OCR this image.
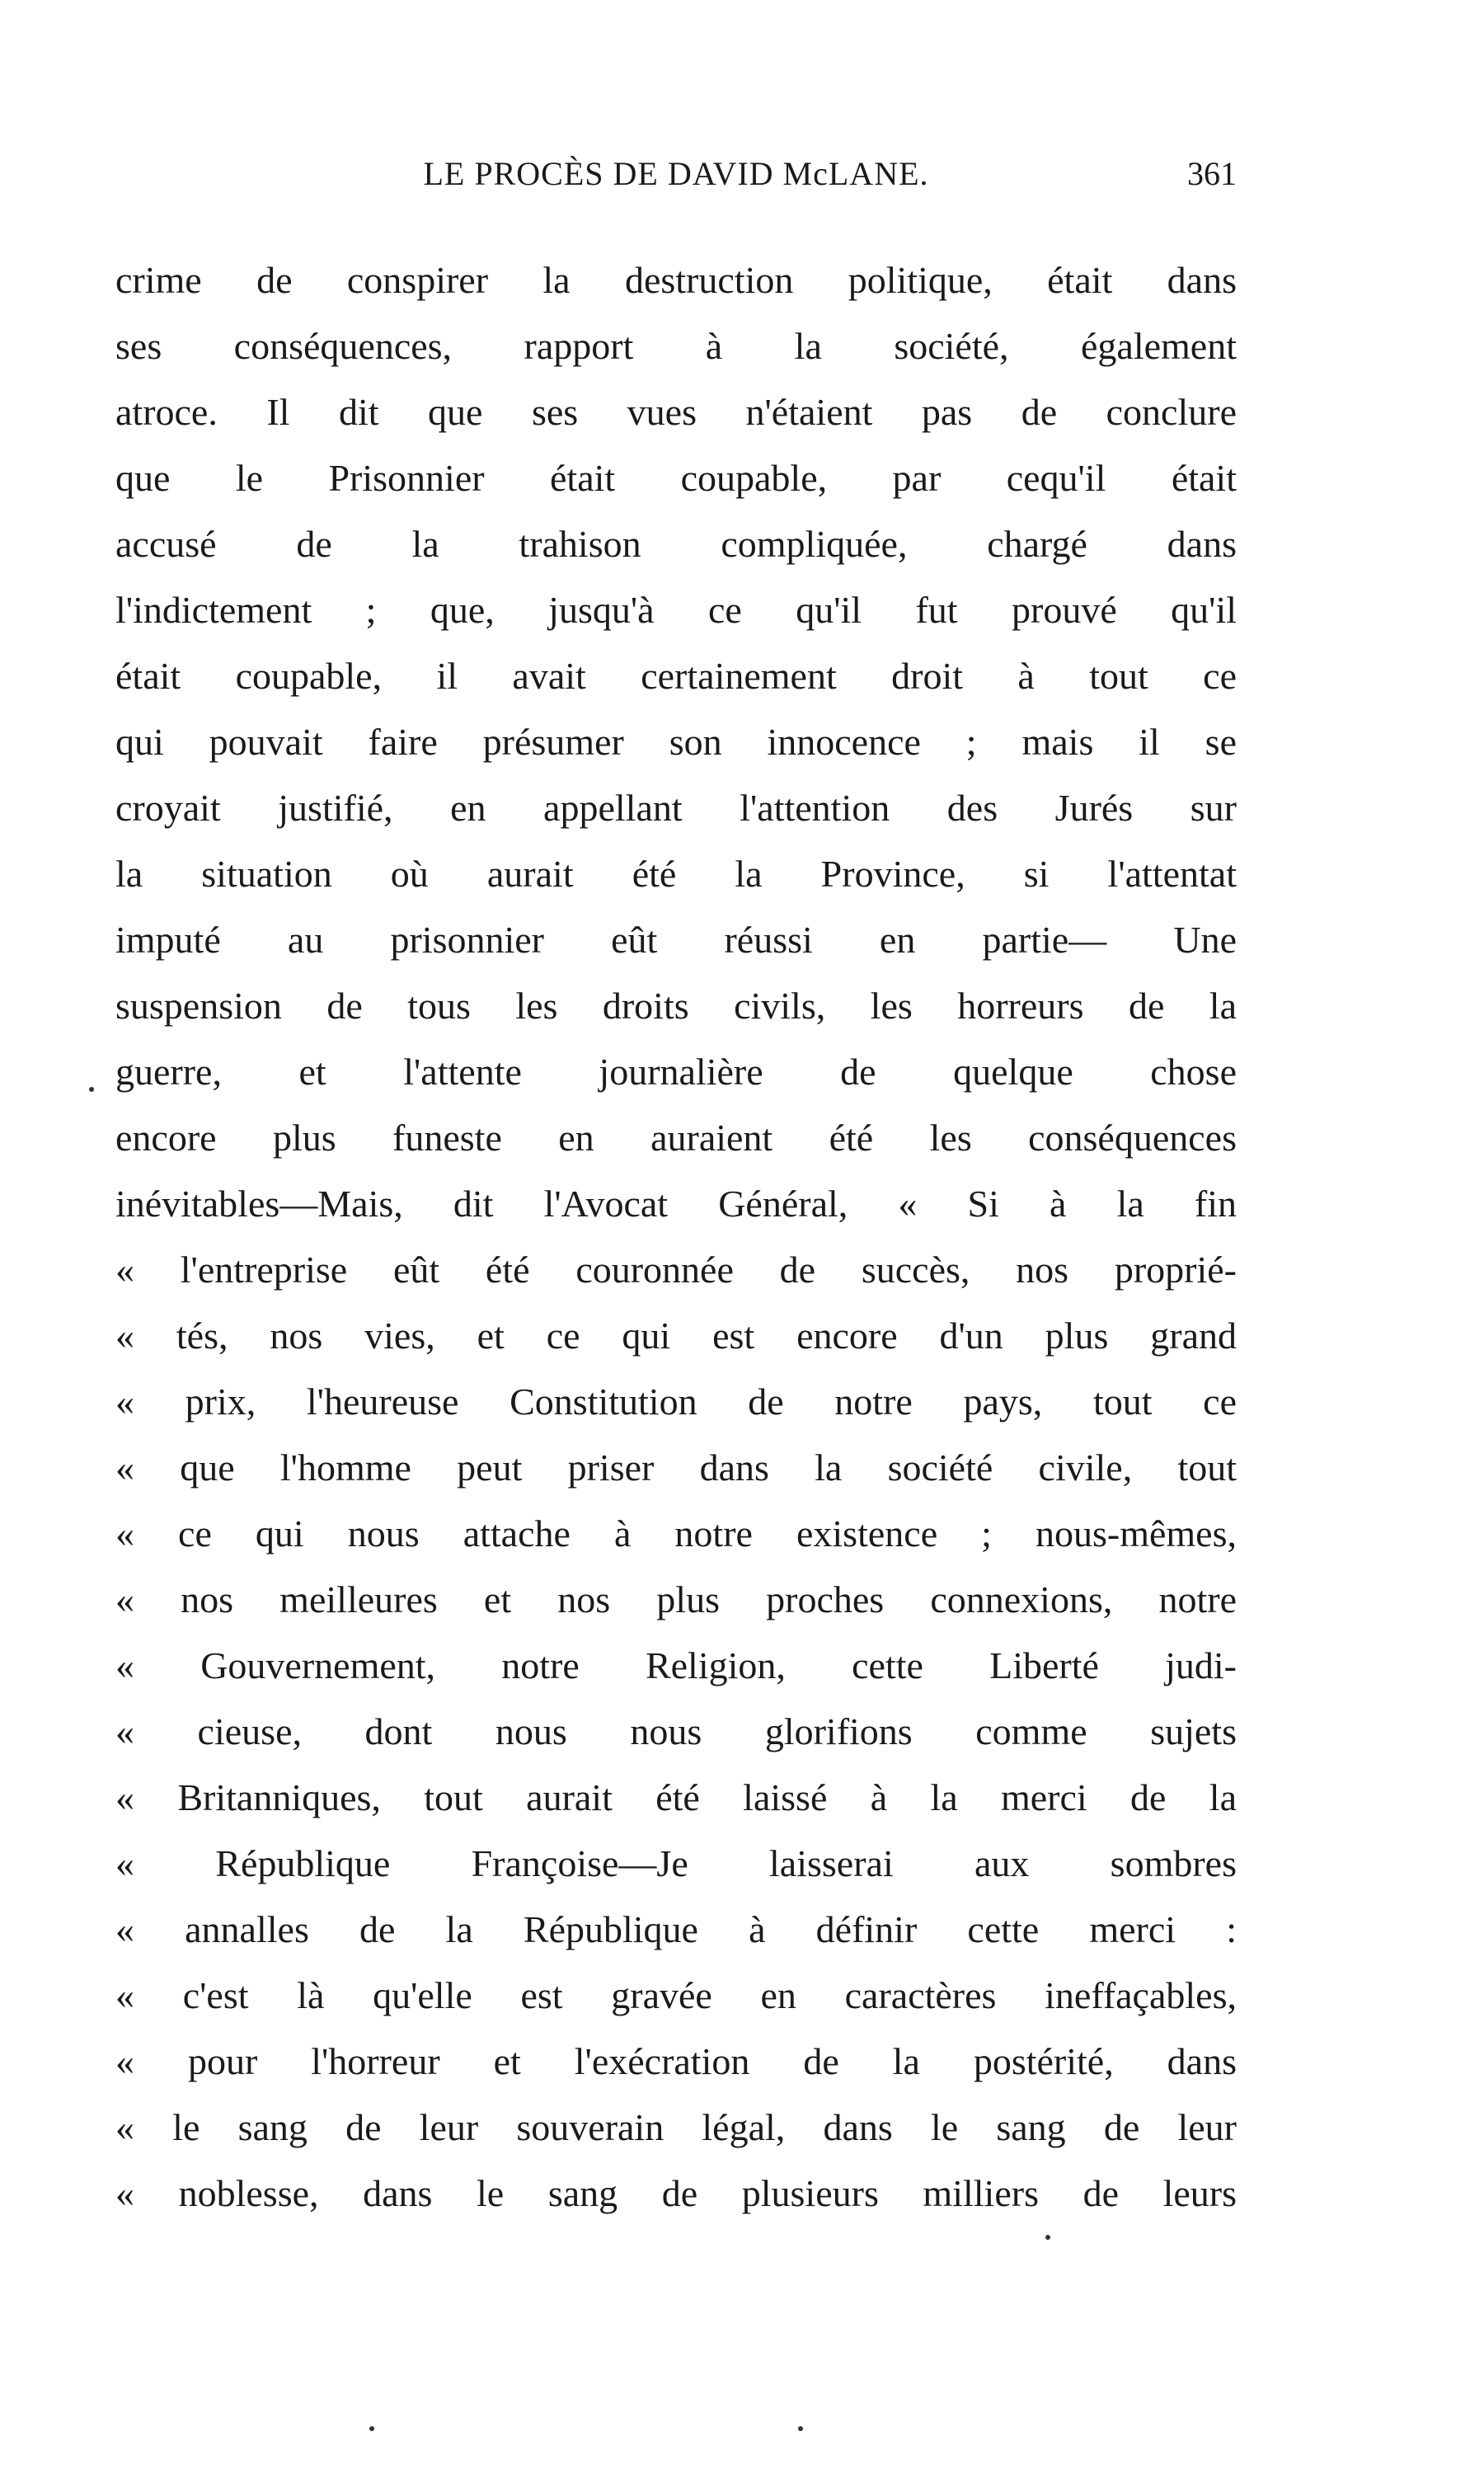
LE PROCÈS DE DAVID McLANE.	361
crime de conspirer la destruction politique, était dans
ses conséquences, rapport à la société, également
atroce. Il dit que ses vues n'étaient pas de conclure
que le Prisonnier était coupable, par cequ'il était
accusé de la trahison compliquée, chargé dans
l'indictement ; que, jusqu'à ce qu'il fut prouvé qu'il
était coupable, il avait certainement droit à tout ce
qui pouvait faire présumer son innocence ; mais il se
croyait justifié, en appellant l'attention des Jurés sur
la situation où aurait été la Province, si l'attentat
imputé au prisonnier eût réussi en partie— Une
suspension de tous les droits civils, les horreurs de la
guerre, et l'attente journalière de quelque chose
encore plus funeste en auraient été les conséquences
inévitables—Mais, dit l'Avocat Général, « Si à la fin
« l'entreprise eût été couronnée de succès, nos proprié-
« tés, nos vies, et ce qui est encore d'un plus grand
« prix, l'heureuse Constitution de notre pays, tout ce
« que l'homme peut priser dans la société civile, tout
« ce qui nous attache à notre existence ; nous-mêmes,
« nos meilleures et nos plus proches connexions, notre
« Gouvernement, notre Religion, cette Liberté judi-
« cieuse, dont nous nous glorifions comme sujets
« Britanniques, tout aurait été laissé à la merci de la
« République Françoise—Je laisserai aux sombres
« annalles de la République à définir cette merci :
« c'est là qu'elle est gravée en caractères ineffaçables,
« pour l'horreur et l'exécration de la postérité, dans
« le sang de leur souverain légal, dans le sang de leur
« noblesse, dans le sang de plusieurs milliers de leurs
